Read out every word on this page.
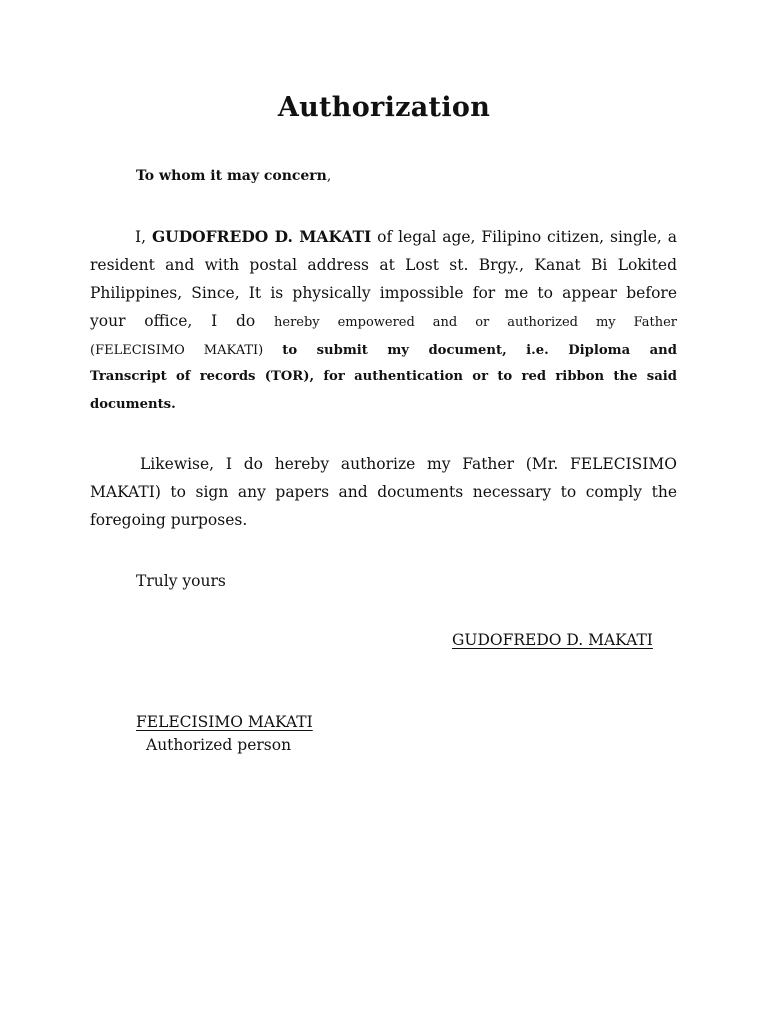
Authorization
To whom it may concern,
I, GUDOFREDO D. MAKATI of legal age, Filipino citizen, single, a
resident and with postal address at Lost st. Brgy., Kanat Bi Lokited
Philippines, Since, It is physically impossible for me to appear before
your office, I do hereby empowered and or authorized my Father
(FELECISIMO MAKATI) to submit my document, i.e. Diploma and
Transcript of records (TOR), for authentication or to red ribbon the said
documents.
Likewise, I do hereby authorize my Father (Mr. FELECISIMO
MAKATI) to sign any papers and documents necessary to comply the
foregoing purposes.
Truly yours
GUDOFREDO D. MAKATI
FELECISIMO MAKATI
Authorized person
